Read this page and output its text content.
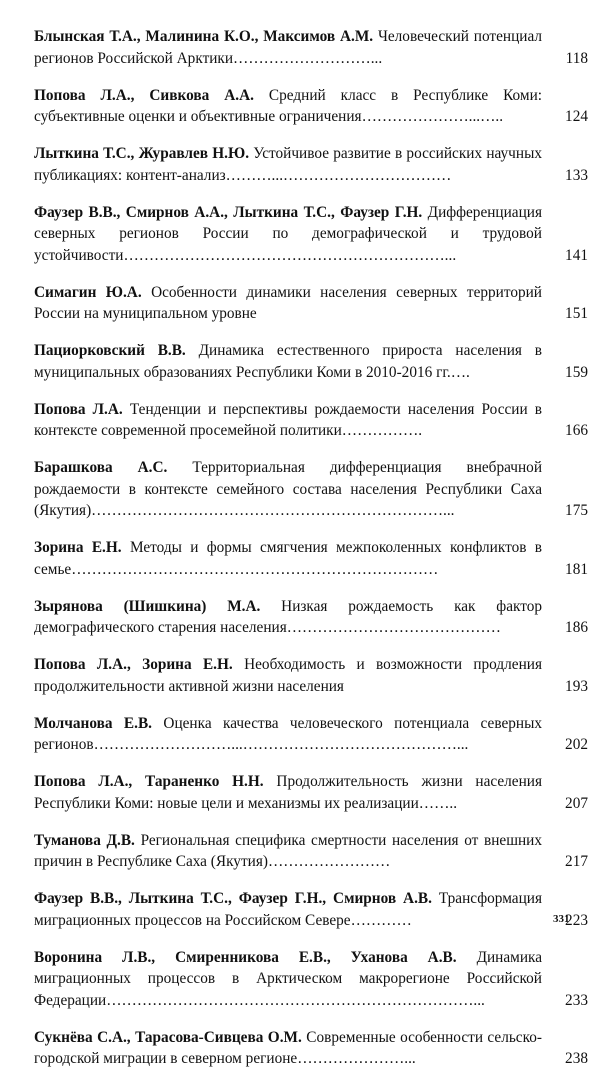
Блынская Т.А., Малинина К.О., Максимов А.М. Человеческий потенциал регионов Российской Арктики………………………...	118
Попова Л.А., Сивкова А.А. Средний класс в Республике Коми: субъективные оценки и объективные ограничения…………………...…..	124
Лыткина Т.С., Журавлев Н.Ю. Устойчивое развитие в российских научных публикациях: контент-анализ………...……………………………	133
Фаузер В.В., Смирнов А.А., Лыткина Т.С., Фаузер Г.Н. Дифференциация северных регионов России по демографической и трудовой устойчивости………………………………………………………...	141
Симагин Ю.А. Особенности динамики населения северных территорий России на муниципальном уровне	151
Пациорковский В.В. Динамика естественного прироста населения в муниципальных образованиях Республики Коми в 2010-2016 гг.….	159
Попова Л.А. Тенденции и перспективы рождаемости населения России в контексте современной просемейной политики…………….	166
Барашкова А.С. Территориальная дифференциация внебрачной рождаемости в контексте семейного состава населения Республики Саха (Якутия)……………………………………………………………...	175
Зорина Е.Н. Методы и формы смягчения межпоколенных конфликтов в семье………………………………………………………………	181
Зырянова (Шишкина) М.А. Низкая рождаемость как фактор демографического старения населения……………………………………	186
Попова Л.А., Зорина Е.Н. Необходимость и возможности продления продолжительности активной жизни населения	193
Молчанова Е.В. Оценка качества человеческого потенциала северных регионов………………………...……………………………………...	202
Попова Л.А., Тараненко Н.Н. Продолжительность жизни населения Республики Коми: новые цели и механизмы их реализации……..	207
Туманова Д.В. Региональная специфика смертности населения от внешних причин в Республике Саха (Якутия)……………………	217
Фаузер В.В., Лыткина Т.С., Фаузер Г.Н., Смирнов А.В. Трансформация миграционных процессов на Российском Севере…………	223
Воронина Л.В., Смиренникова Е.В., Уханова А.В. Динамика миграционных процессов в Арктическом макрорегионе Российской Федерации………………………………………………………………...	233
Сукнёва С.А., Тарасова-Сивцева О.М. Современные особенности сельско-городской миграции в северном регионе…………………...	238
331
